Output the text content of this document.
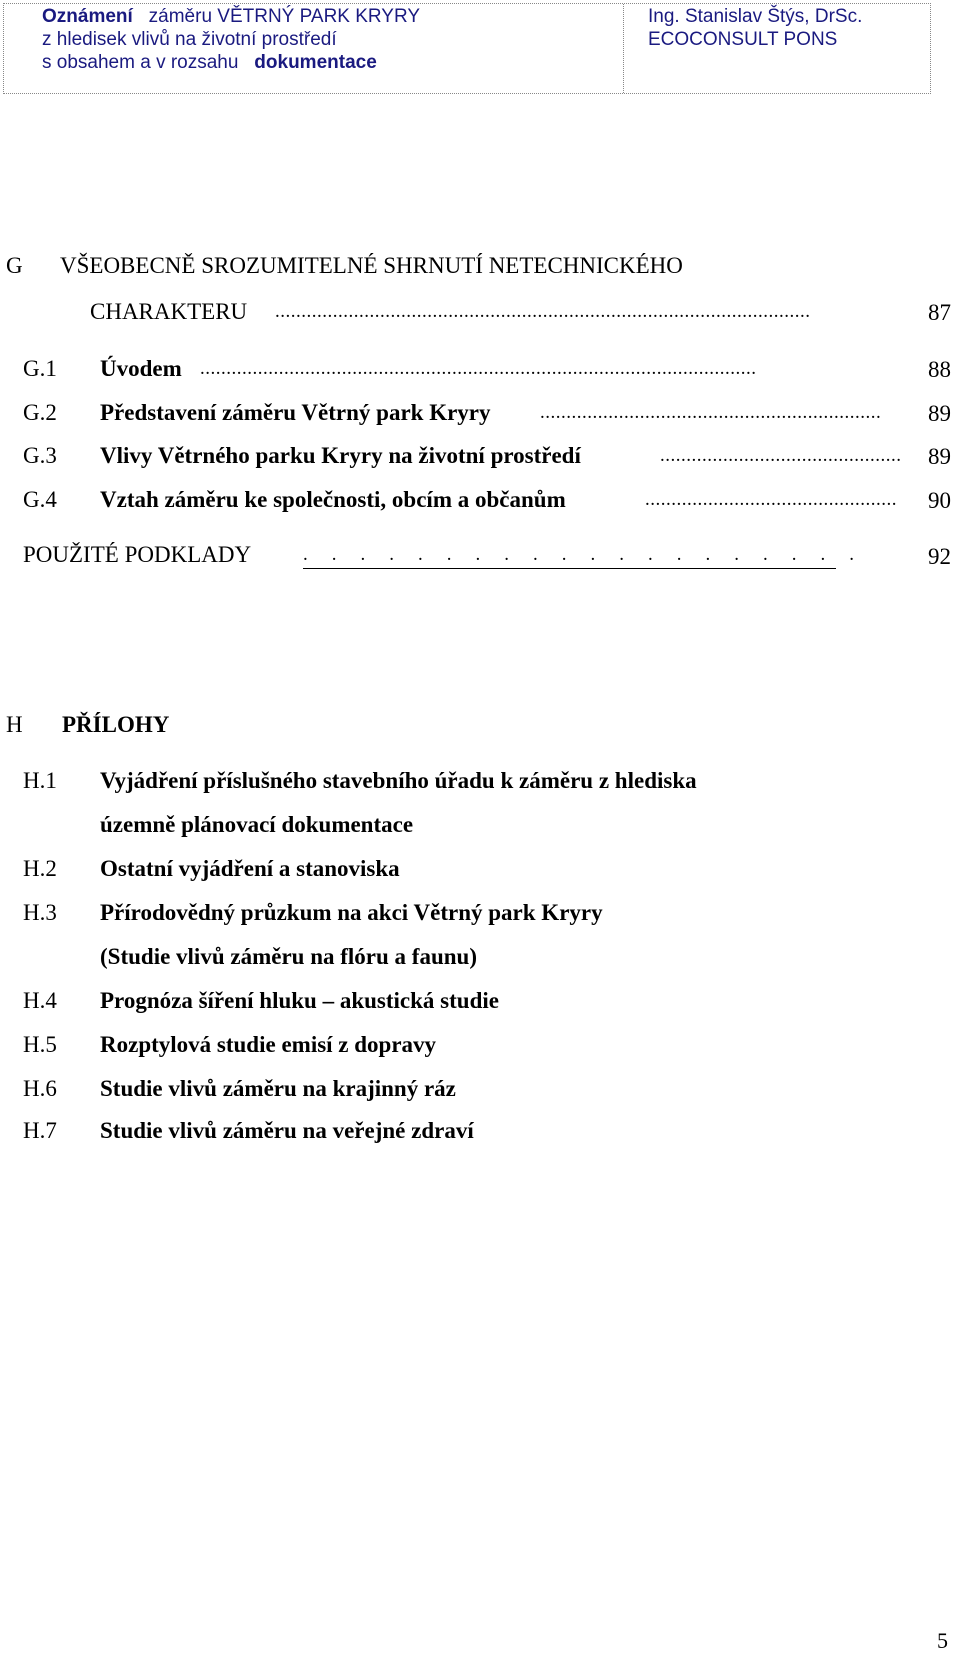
Oznámení záměru VĚTRNÝ PARK KRYRY
z hledisek vlivů na životní prostředí
s obsahem a v rozsahu dokumentace
Ing. Stanislav Štýs, DrSc.
ECOCONSULT PONS
G VŠEOBECNĚ SROZUMITELNÉ SHRNUTÍ NETECHNICKÉHO
CHARAKTERU ......................................................................................................	87
G.1 Úvodem ..........................................................................................................	88
G.2 Představení záměru Větrný park Kryry	................................................................. 89
G.3 Vlivy Větrného parku Kryry na životní prostředí	.............................................. 89
G.4 Vztah záměru ke společnosti, obcím a občanům	................................................ 90
POUŽITÉ PODKLADY	.................... 92
H PŘÍLOHY
H.1 Vyjádření příslušného stavebního úřadu k záměru z hlediska
územně plánovací dokumentace
H.2 Ostatní vyjádření a stanoviska
H.3 Přírodovědný průzkum na akci Větrný park Kryry
(Studie vlivů záměru na flóru a faunu)
H.4 Prognóza šíření hluku – akustická studie
H.5 Rozptylová studie emisí z dopravy
H.6 Studie vlivů záměru na krajinný ráz
H.7 Studie vlivů záměru na veřejné zdraví
5
